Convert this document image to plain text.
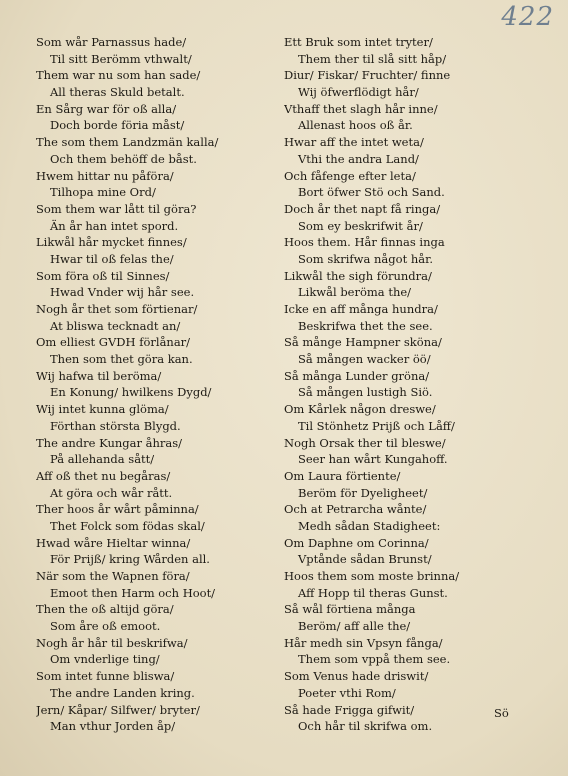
422
Som wår Parnassus hade/
Til sitt Berömm vthwalt/
Them war nu som han sade/
All theras Skuld betalt.
En Sårg war för oß alla/
Doch borde föria måst/
The som them Landzmän kalla/
Och them behöff de båst.
Hwem hittar nu påföra/
Tilhopa mine Ord/
Som them war lått til göra?
Än år han intet spord.
Likwål hår mycket finnes/
Hwar til oß felas the/
Som föra oß til Sinnes/
Hwad Vnder wij hår see.
Nogh år thet som förtienar/
At bliswa tecknadt an/
Om elliest GVDH förlånar/
Then som thet göra kan.
Wij hafwa til beröma/
En Konung/ hwilkens Dygd/
Wij intet kunna glöma/
Förthan största Blygd.
The andre Kungar åhras/
På allehanda sått/
Aff oß thet nu begåras/
At göra och wår rått.
Ther hoos år wårt påminna/
Thet Folck som födas skal/
Hwad wåre Hieltar winna/
För Prijß/ kring Wården all.
När som the Wapnen föra/
Emoot then Harm och Hoot/
Then the oß altijd göra/
Som åre oß emoot.
Nogh år hår til beskrifwa/
Om vnderlige ting/
Som intet funne bliswa/
The andre Landen kring.
Jern/ Kåpar/ Silfwer/ bryter/
Man vthur Jorden åp/
Ett Bruk som intet tryter/
Them ther til slå sitt håp/
Diur/ Fiskar/ Fruchter/ finne
Wij öfwerflödigt hår/
Vthaff thet slagh hår inne/
Allenast hoos oß år.
Hwar aff the intet weta/
Vthi the andra Land/
Och fåfenge efter leta/
Bort öfwer Stö och Sand.
Doch år thet napt få ringa/
Som ey beskrifwit år/
Hoos them. Hår finnas inga
Som skrifwa något hår.
Likwål the sigh förundra/
Likwål beröma the/
Icke en aff många hundra/
Beskrifwa thet the see.
Så månge Hampner sköna/
Så mången wacker öö/
Så många Lunder gröna/
Så mången lustigh Siö.
Om Kårlek någon dreswe/
Til Stönhetz Prijß och Låff/
Nogh Orsak ther til bleswe/
Seer han wårt Kungahoff.
Om Laura förtiente/
Beröm för Dyeligheet/
Och at Petrarcha wånte/
Medh sådan Stadigheet:
Om Daphne om Corinna/
Vptånde sådan Brunst/
Hoos them som moste brinna/
Aff Hopp til theras Gunst.
Så wål förtiena många
Beröm/ aff alle the/
Hår medh sin Vpsyn fånga/
Them som vppå them see.
Som Venus hade driswit/
Poeter vthi Rom/
Så hade Frigga gifwit/
Och hår til skrifwa om.
Sö
